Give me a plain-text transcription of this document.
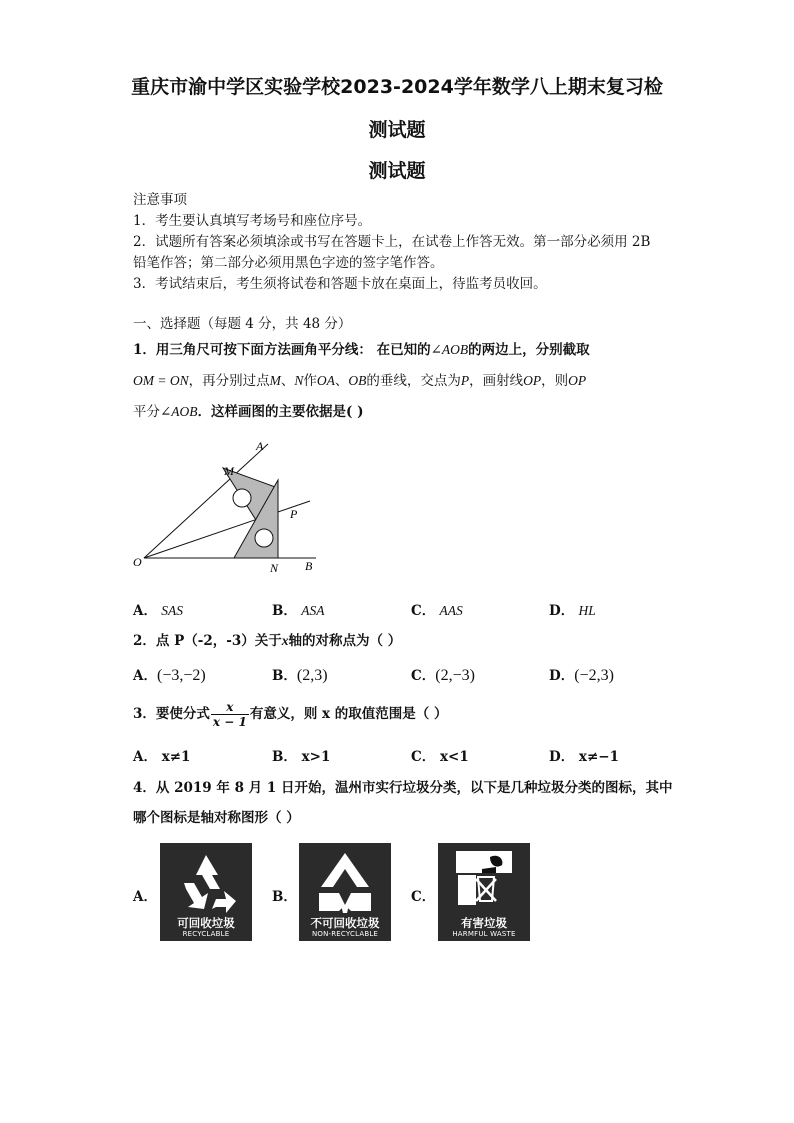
重庆市渝中学区实验学校2023-2024学年数学八上期末复习检
测试题
测试题
注意事项
1．考生要认真填写考场号和座位序号。
2．试题所有答案必须填涂或书写在答题卡上，在试卷上作答无效。第一部分必须用 2B
铅笔作答；第二部分必须用黑色字迹的签字笔作答。
3．考试结束后，考生须将试卷和答题卡放在桌面上，待监考员收回。
一、选择题（每题 4 分，共 48 分）
1．用三角尺可按下面方法画角平分线： 在已知的∠AOB的两边上，分别截取
OM = ON，再分别过点M、N作OA、OB的垂线，交点为P，画射线OP，则OP
平分∠AOB．这样画图的主要依据是( )
A
M
P
O	N B
A． SAS	B． ASA	C． AAS	D． HL
2．点 P（-2，-3）关于x轴的对称点为（ ）
A．(−3,−2)	B．(2,3)	C．(2,−3)	D．(−2,3)
3．要使分式 $\frac{x}{x - 1}$ 有意义，则 x 的取值范围是（ ）
A． x≠1	B． x>1	C． x<1	D． x≠−1
4．从 2019 年 8 月 1 日开始，温州市实行垃圾分类，以下是几种垃圾分类的图标，其中
哪个图标是轴对称图形（ ）
A．
可回收垃圾
RECYCLABLE
B．
不可回收垃圾
NON-RECYCLABLE
C．
有害垃圾
HARMFUL WASTE
